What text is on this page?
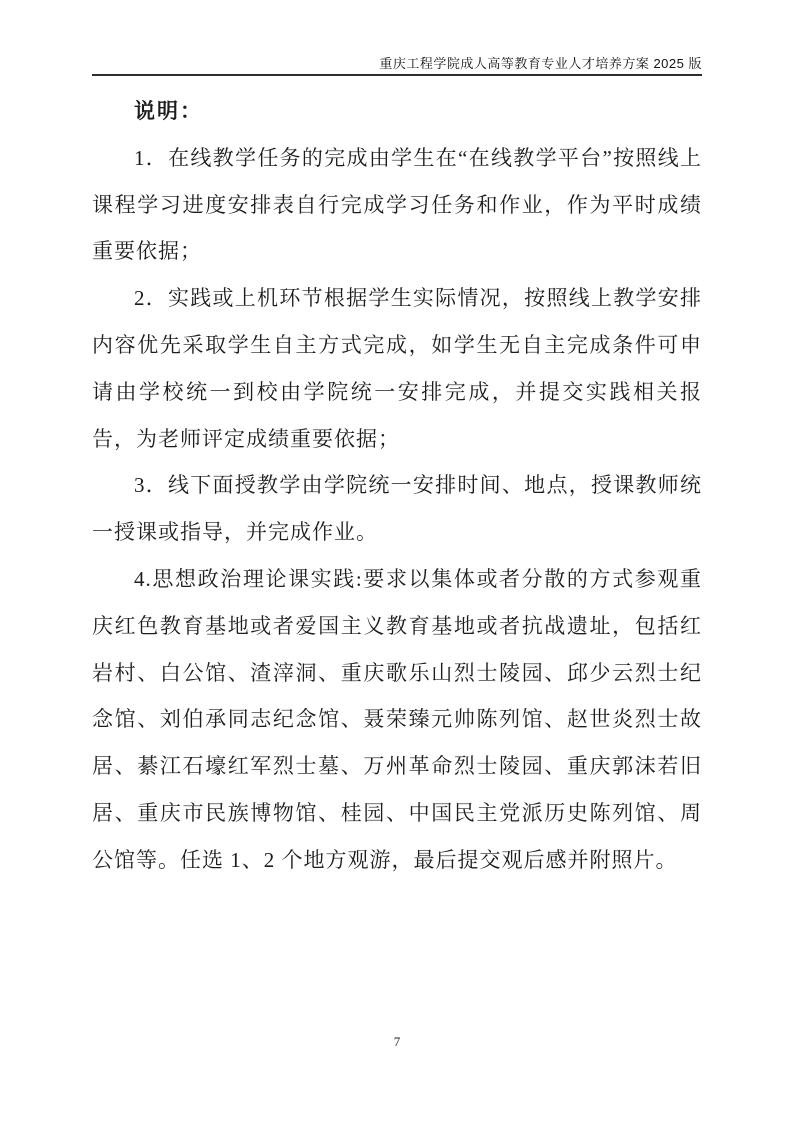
重庆工程学院成人高等教育专业人才培养方案 2025 版

说明：

1．在线教学任务的完成由学生在“在线教学平台”按照线上课程学习进度安排表自行完成学习任务和作业，作为平时成绩重要依据；

2．实践或上机环节根据学生实际情况，按照线上教学安排内容优先采取学生自主方式完成，如学生无自主完成条件可申请由学校统一到校由学院统一安排完成，并提交实践相关报告，为老师评定成绩重要依据；

3．线下面授教学由学院统一安排时间、地点，授课教师统一授课或指导，并完成作业。

4.思想政治理论课实践:要求以集体或者分散的方式参观重庆红色教育基地或者爱国主义教育基地或者抗战遗址，包括红岩村、白公馆、渣滓洞、重庆歌乐山烈士陵园、邱少云烈士纪念馆、刘伯承同志纪念馆、聂荣臻元帅陈列馆、赵世炎烈士故居、綦江石壕红军烈士墓、万州革命烈士陵园、重庆郭沫若旧居、重庆市民族博物馆、桂园、中国民主党派历史陈列馆、周公馆等。任选 1、2 个地方观游，最后提交观后感并附照片。

7
